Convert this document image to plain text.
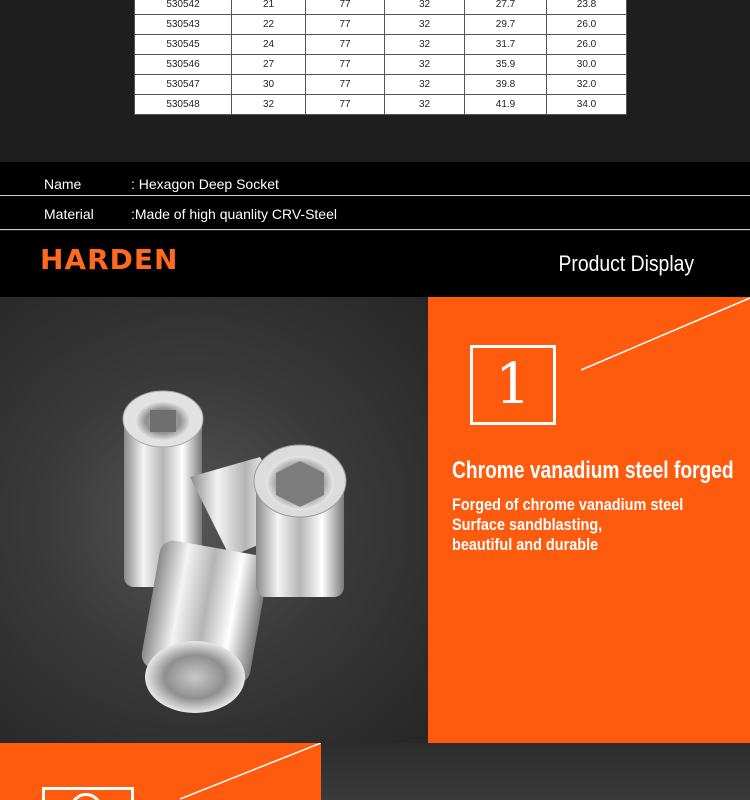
530542	21	77	32	27.7	23.8
530543	22	77	32	29.7	26.0
530545	24	77	32	31.7	26.0
530546	27	77	32	35.9	30.0
530547	30	77	32	39.8	32.0
530548	32	77	32	41.9	34.0
Name	: Hexagon Deep Socket
Material	:Made of high quanlity CRV-Steel
HARDEN	Product Display
1
Chrome vanadium steel forged
Forged of chrome vanadium steel
Surface sandblasting,
beautiful and durable
